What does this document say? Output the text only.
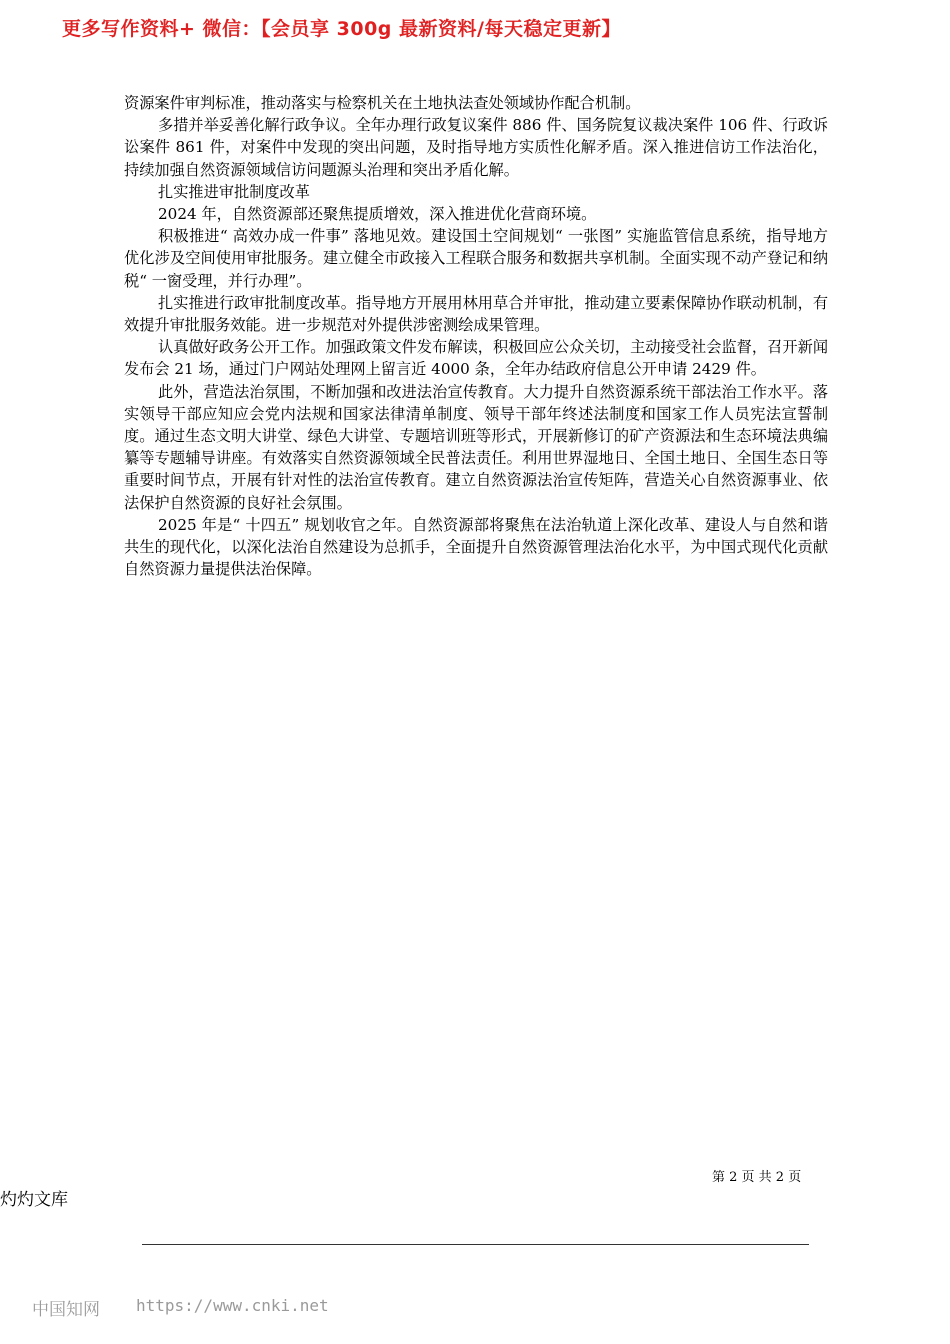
更多写作资料+ 微信：【会员享 300g 最新资料/每天稳定更新】

资源案件审判标准，推动落实与检察机关在土地执法查处领域协作配合机制。

多措并举妥善化解行政争议。全年办理行政复议案件 886 件、国务院复议裁决案件 106 件、行政诉讼案件 861 件，对案件中发现的突出问题，及时指导地方实质性化解矛盾。深入推进信访工作法治化，持续加强自然资源领域信访问题源头治理和突出矛盾化解。

扎实推进审批制度改革

2024 年，自然资源部还聚焦提质增效，深入推进优化营商环境。

积极推进“ 高效办成一件事” 落地见效。建设国土空间规划“ 一张图” 实施监管信息系统，指导地方优化涉及空间使用审批服务。建立健全市政接入工程联合服务和数据共享机制。全面实现不动产登记和纳税“ 一窗受理，并行办理”。

扎实推进行政审批制度改革。指导地方开展用林用草合并审批，推动建立要素保障协作联动机制，有效提升审批服务效能。进一步规范对外提供涉密测绘成果管理。

认真做好政务公开工作。加强政策文件发布解读，积极回应公众关切，主动接受社会监督，召开新闻发布会 21 场，通过门户网站处理网上留言近 4000 条，全年办结政府信息公开申请 2429 件。

此外，营造法治氛围，不断加强和改进法治宣传教育。大力提升自然资源系统干部法治工作水平。落实领导干部应知应会党内法规和国家法律清单制度、领导干部年终述法制度和国家工作人员宪法宣誓制度。通过生态文明大讲堂、绿色大讲堂、专题培训班等形式，开展新修订的矿产资源法和生态环境法典编纂等专题辅导讲座。有效落实自然资源领域全民普法责任。利用世界湿地日、全国土地日、全国生态日等重要时间节点，开展有针对性的法治宣传教育。建立自然资源法治宣传矩阵，营造关心自然资源事业、依法保护自然资源的良好社会氛围。

2025 年是“ 十四五” 规划收官之年。自然资源部将聚焦在法治轨道上深化改革、建设人与自然和谐共生的现代化，以深化法治自然建设为总抓手，全面提升自然资源管理法治化水平，为中国式现代化贡献自然资源力量提供法治保障。

第 2 页 共 2 页
灼灼文库
中国知网 https://www.cnki.net
